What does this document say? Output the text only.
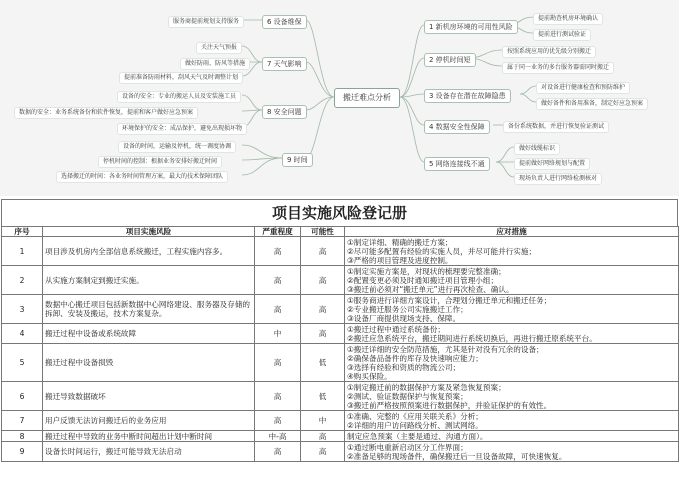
搬迁难点分析
6 设备维保
服务商提前规划支持服务
7 天气影响
关注天气预报
做好防雨、防风等措施
提前准备防雨材料，刮风天气及时调整计划
8 安全问题
设备的安全：专业的搬运人员及安装施工员
数据的安全：业务系统备份和软件恢复，提前和客户做好应急预案
环境保护的安全：成品保护，避免出现损坏物
9 时间
设备的时间，运输及停机，统一调度协调
停机时间的控制：根据业务安排好搬迁时间
选择搬迁的时间：各业务时间管理方案，最大的技术保障团队
1 新机房环境的可用性风险
提前勘查机房环境确认
提前进行测试验证
2 停机时间短
按照系统应用的优先级分别搬迁
属于同一业务的多台服务器需同时搬迁
3 设备存在潜在故障隐患
对设备进行健康检查和预防维护
做好备件和备用准备，制定好应急预案
4 数据安全性保障	备份系统数据，并进行恢复验证测试
5 网络连接线不通
做好线缆标识
提前做好网络规划与配置
现场负责人进行网络检测核对
项目实施风险登记册
序号	项目实施风险	严重程度	可能性	应对措施
1	项目涉及机房内全部信息系统搬迁，工程实施内容多。	高	高	①制定详细、精确的搬迁方案；
②尽可能多配置有经验的实施人员，并尽可能并行实施；
③严格的项目管理及进度控制。

2	从实施方案制定到搬迁实施。	高	高	①制定实施方案是，对现状的梳理要完整准确；
②配置变更必须及时通知搬迁项目管理小组；
③搬迁前必须对“搬迁单元”进行再次检查、确认。

3	数据中心搬迁项目包括新数据中心网络建设、服务器及存储的拆卸、安装及搬运，技术方案复杂。	高	高	①服务商进行详细方案设计，合理划分搬迁单元和搬迁任务；
②专业搬迁服务公司实施搬迁工作；
③设备厂商提供现场支持、保障。

4	搬迁过程中设备或系统故障	中	高	①搬迁过程中通过系统备份；
②搬迁应急系统平台，搬迁期间进行系统切换后，再进行搬迁原系统平台。

5	搬迁过程中设备损毁	高	低	①搬迁详细的安全防范措施，尤其是针对没有冗余的设备；
②确保备品备件的库存及快速响应能力；
③选择有经验和资质的物流公司；
④购买保险。

6	搬迁导致数据破坏	高	低	①制定搬迁前的数据保护方案及紧急恢复预案；
②测试、验证数据保护与恢复预案；
③搬迁前严格按照预案进行数据保护，并验证保护的有效性。

7	用户反馈无法访问搬迁后的业务应用	高	中	①准确、完整的《应用关联关系》分析；
②详细的用户访问路线分析、测试网络。

8	搬迁过程中导致的业务中断时间超出计划中断时间	中-高	高	制定应急预案（主要是通过、沟通方面）。

9	设备长时间运行，搬迁可能导致无法启动	高	高	①通过断电重新启动区分工作界面；
②准备足够的现场备件，确保搬迁后一旦设备故障，可快速恢复。
